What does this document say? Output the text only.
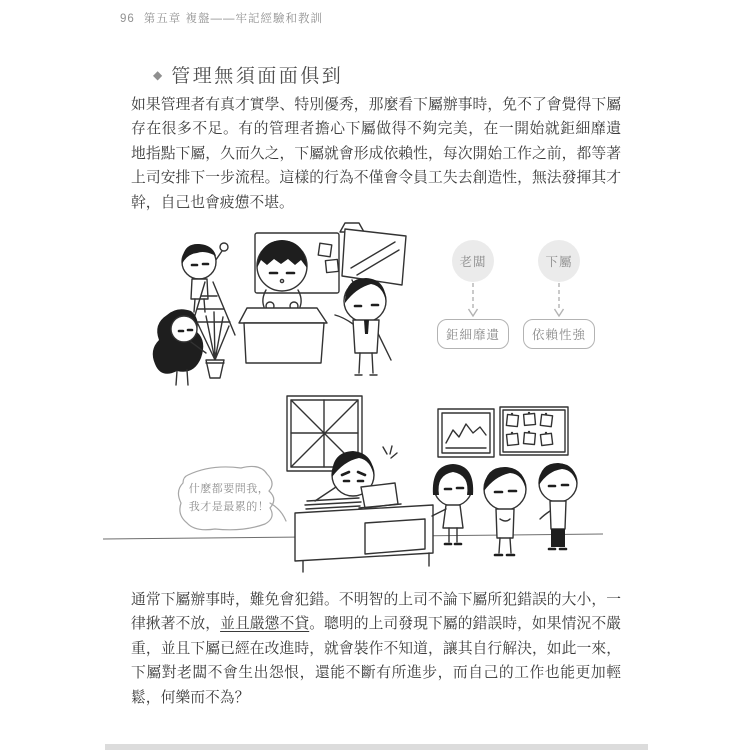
96 第五章 複盤——牢記經驗和教訓
◆ 管理無須面面俱到
如果管理者有真才實學、特別優秀，那麼看下屬辦事時，免不了會覺得下屬
存在很多不足。有的管理者擔心下屬做得不夠完美，在一開始就鉅細靡遺
地指點下屬，久而久之，下屬就會形成依賴性，每次開始工作之前，都等著
上司安排下一步流程。這樣的行為不僅會令員工失去創造性，無法發揮其才
幹，自己也會疲憊不堪。
老闆
鉅細靡遺
下屬
依賴性強
什麼都要問我，
我才是最累的！
通常下屬辦事時，難免會犯錯。不明智的上司不論下屬所犯錯誤的大小，一
律揪著不放，並且嚴懲不貸。聰明的上司發現下屬的錯誤時，如果情況不嚴
重，並且下屬已經在改進時，就會裝作不知道，讓其自行解決，如此一來，
下屬對老闆不會生出怨恨，還能不斷有所進步，而自己的工作也能更加輕
鬆，何樂而不為？
